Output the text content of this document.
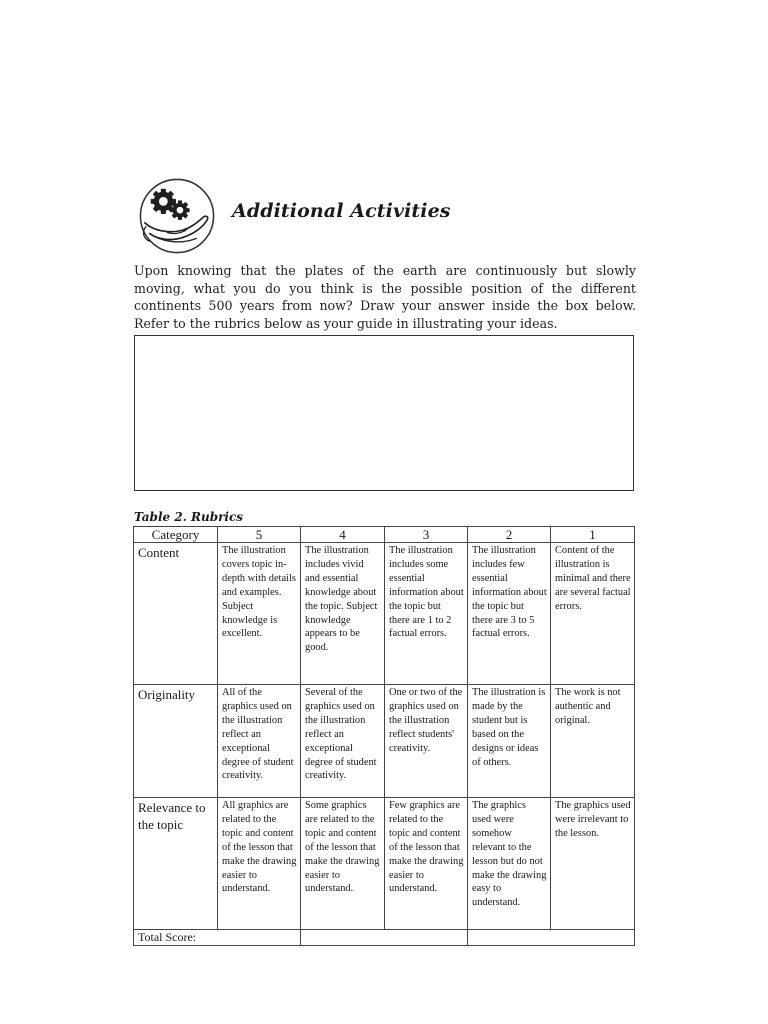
Additional Activities
Upon knowing that the plates of the earth are continuously but slowly moving, what you do you think is the possible position of the different continents 500 years from now? Draw your answer inside the box below. Refer to the rubrics below as your guide in illustrating your ideas.
Table 2. Rubrics
Category	5	4	3	2	1
Content	The illustration covers topic in-depth with details and examples. Subject knowledge is excellent.	The illustration includes vivid and essential knowledge about the topic. Subject knowledge appears to be good.	The illustration includes some essential information about the topic but there are 1 to 2 factual errors.	The illustration includes few essential information about the topic but there are 3 to 5 factual errors.	Content of the illustration is minimal and there are several factual errors.
Originality	All of the graphics used on the illustration reflect an exceptional degree of student creativity.	Several of the graphics used on the illustration reflect an exceptional degree of student creativity.	One or two of the graphics used on the illustration reflect students' creativity.	The illustration is made by the student but is based on the designs or ideas of others.	The work is not authentic and original.
Relevance to the topic	All graphics are related to the topic and content of the lesson that make the drawing easier to understand.	Some graphics are related to the topic and content of the lesson that make the drawing easier to understand.	Few graphics are related to the topic and content of the lesson that make the drawing easier to understand.	The graphics used were somehow relevant to the lesson but do not make the drawing easy to understand.	The graphics used were irrelevant to the lesson.
Total Score:					
